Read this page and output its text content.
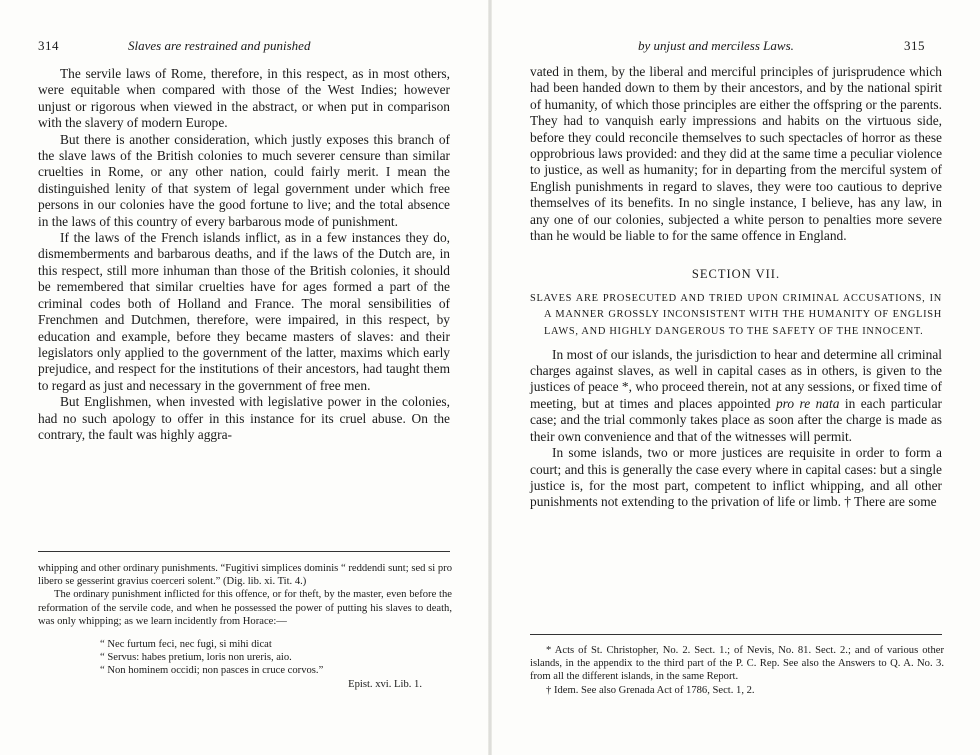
314	Slaves are restrained and punished

The servile laws of Rome, therefore, in this respect, as in most others, were equitable when compared with those of the West Indies; however unjust or rigorous when viewed in the abstract, or when put in comparison with the slavery of modern Europe.

But there is another consideration, which justly exposes this branch of the slave laws of the British colonies to much severer censure than similar cruelties in Rome, or any other nation, could fairly merit. I mean the distinguished lenity of that system of legal government under which free persons in our colonies have the good fortune to live; and the total absence in the laws of this country of every barbarous mode of punishment.

If the laws of the French islands inflict, as in a few instances they do, dismemberments and barbarous deaths, and if the laws of the Dutch are, in this respect, still more inhuman than those of the British colonies, it should be remembered that similar cruelties have for ages formed a part of the criminal codes both of Holland and France. The moral sensibilities of Frenchmen and Dutchmen, therefore, were impaired, in this respect, by education and example, before they became masters of slaves: and their legislators only applied to the government of the latter, maxims which early prejudice, and respect for the institutions of their ancestors, had taught them to regard as just and necessary in the government of free men.

But Englishmen, when invested with legislative power in the colonies, had no such apology to offer in this instance for its cruel abuse. On the contrary, the fault was highly aggra-

whipping and other ordinary punishments. “Fugitivi simplices dominis “ reddendi sunt; sed si pro libero se gesserint gravius coerceri solent.” (Dig. lib. xi. Tit. 4.)

The ordinary punishment inflicted for this offence, or for theft, by the master, even before the reformation of the servile code, and when he possessed the power of putting his slaves to death, was only whipping; as we learn incidently from Horace:—

“ Nec furtum feci, nec fugi, si mihi dicat
“ Servus: habes pretium, loris non ureris, aio.
“ Non hominem occidi; non pasces in cruce corvos.”

Epist. xvi. Lib. 1.

by unjust and merciless Laws.	315

vated in them, by the liberal and merciful principles of jurisprudence which had been handed down to them by their ancestors, and by the national spirit of humanity, of which those principles are either the offspring or the parents. They had to vanquish early impressions and habits on the virtuous side, before they could reconcile themselves to such spectacles of horror as these opprobrious laws provided: and they did at the same time a peculiar violence to justice, as well as humanity; for in departing from the merciful system of English punishments in regard to slaves, they were too cautious to deprive themselves of its benefits. In no single instance, I believe, has any law, in any one of our colonies, subjected a white person to penalties more severe than he would be liable to for the same offence in England.

SECTION VII.
SLAVES ARE PROSECUTED AND TRIED UPON CRIMINAL ACCUSATIONS, IN A MANNER GROSSLY INCONSISTENT WITH THE HUMANITY OF ENGLISH LAWS, AND HIGHLY DANGEROUS TO THE SAFETY OF THE INNOCENT.

In most of our islands, the jurisdiction to hear and determine all criminal charges against slaves, as well in capital cases as in others, is given to the justices of peace *, who proceed therein, not at any sessions, or fixed time of meeting, but at times and places appointed pro re nata in each particular case; and the trial commonly takes place as soon after the charge is made as their own convenience and that of the witnesses will permit.

In some islands, two or more justices are requisite in order to form a court; and this is generally the case every where in capital cases: but a single justice is, for the most part, competent to inflict whipping, and all other punishments not extending to the privation of life or limb. † There are some

* Acts of St. Christopher, No. 2. Sect. 1.; of Nevis, No. 81. Sect. 2.; and of various other islands, in the appendix to the third part of the P. C. Rep. See also the Answers to Q. A. No. 3. from all the different islands, in the same Report.

† Idem. See also Grenada Act of 1786, Sect. 1, 2.
